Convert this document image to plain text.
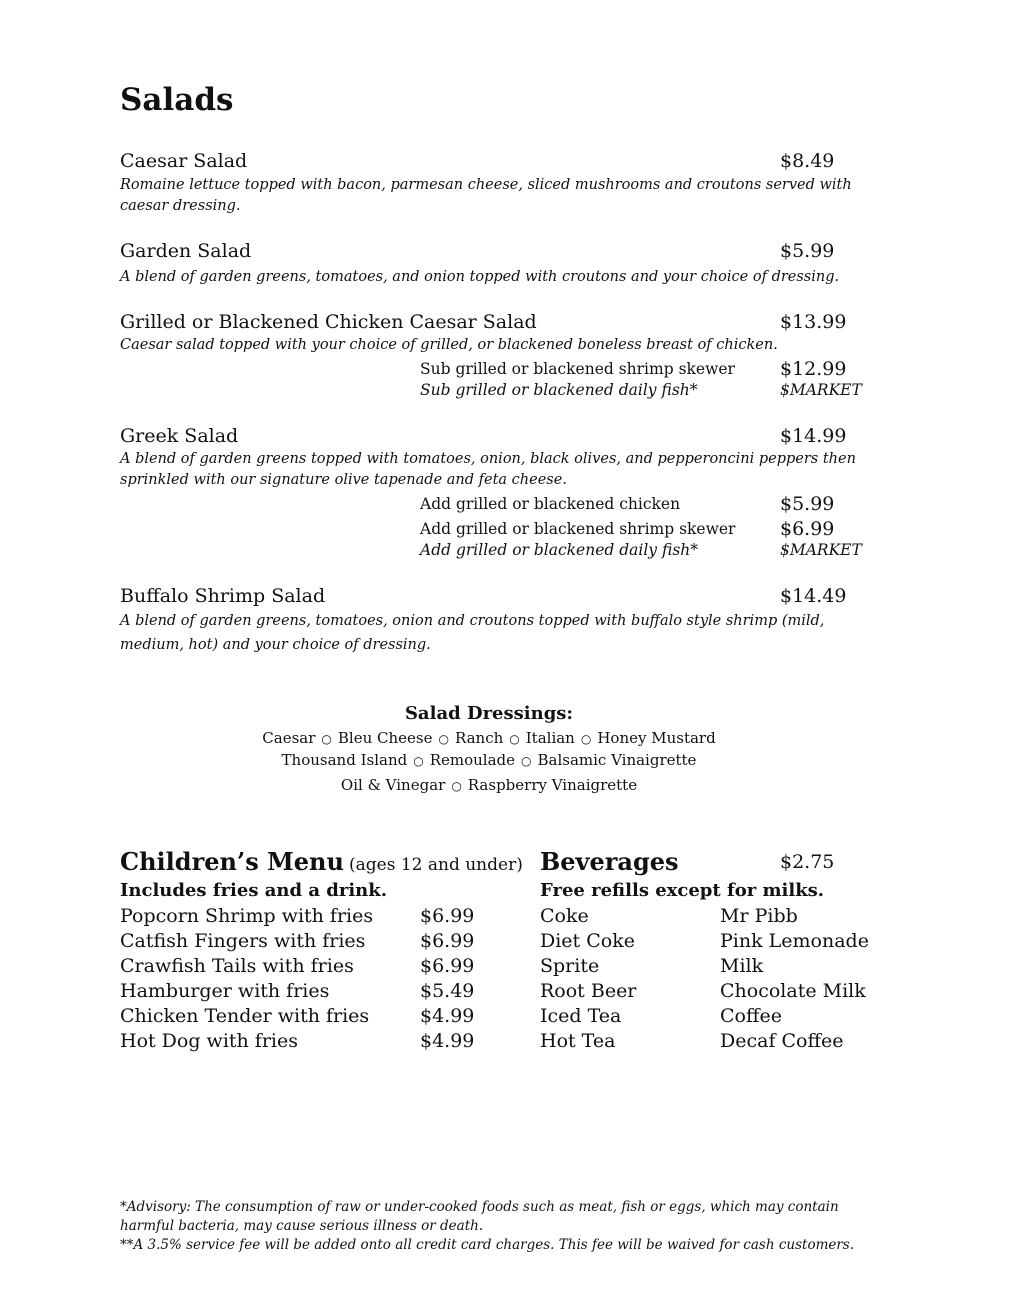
Salads
Caesar Salad	$8.49
Romaine lettuce topped with bacon, parmesan cheese, sliced mushrooms and croutons served with caesar dressing.
Garden Salad	$5.99
A blend of garden greens, tomatoes, and onion topped with croutons and your choice of dressing.
Grilled or Blackened Chicken Caesar Salad	$13.99
Caesar salad topped with your choice of grilled, or blackened boneless breast of chicken.
Sub grilled or blackened shrimp skewer $12.99
Sub grilled or blackened daily fish*	$MARKET
Greek Salad	$14.99
A blend of garden greens topped with tomatoes, onion, black olives, and pepperoncini peppers then sprinkled with our signature olive tapenade and feta cheese.
Add grilled or blackened chicken	$5.99
Add grilled or blackened shrimp skewer $6.99
Add grilled or blackened daily fish*	$MARKET
Buffalo Shrimp Salad	$14.49
A blend of garden greens, tomatoes, onion and croutons topped with buffalo style shrimp (mild, medium, hot) and your choice of dressing.
Salad Dressings:
Caesar ○ Bleu Cheese ○ Ranch ○ Italian ○ Honey Mustard
Thousand Island ○ Remoulade ○ Balsamic Vinaigrette
Oil & Vinegar ○ Raspberry Vinaigrette
Children’s Menu (ages 12 and under)
Includes fries and a drink.
Popcorn Shrimp with fries $6.99
Catfish Fingers with fries	$6.99
Crawfish Tails with fries	$6.99
Hamburger with fries	$5.49
Chicken Tender with fries	$4.99
Hot Dog with fries	$4.99
Beverages	$2.75
Free refills except for milks.
Coke	Mr Pibb
Diet Coke	Pink Lemonade
Sprite	Milk
Root Beer	Chocolate Milk
Iced Tea	Coffee
Hot Tea	Decaf Coffee
*Advisory: The consumption of raw or under-cooked foods such as meat, fish or eggs, which may contain harmful bacteria, may cause serious illness or death.
**A 3.5% service fee will be added onto all credit card charges. This fee will be waived for cash customers.
